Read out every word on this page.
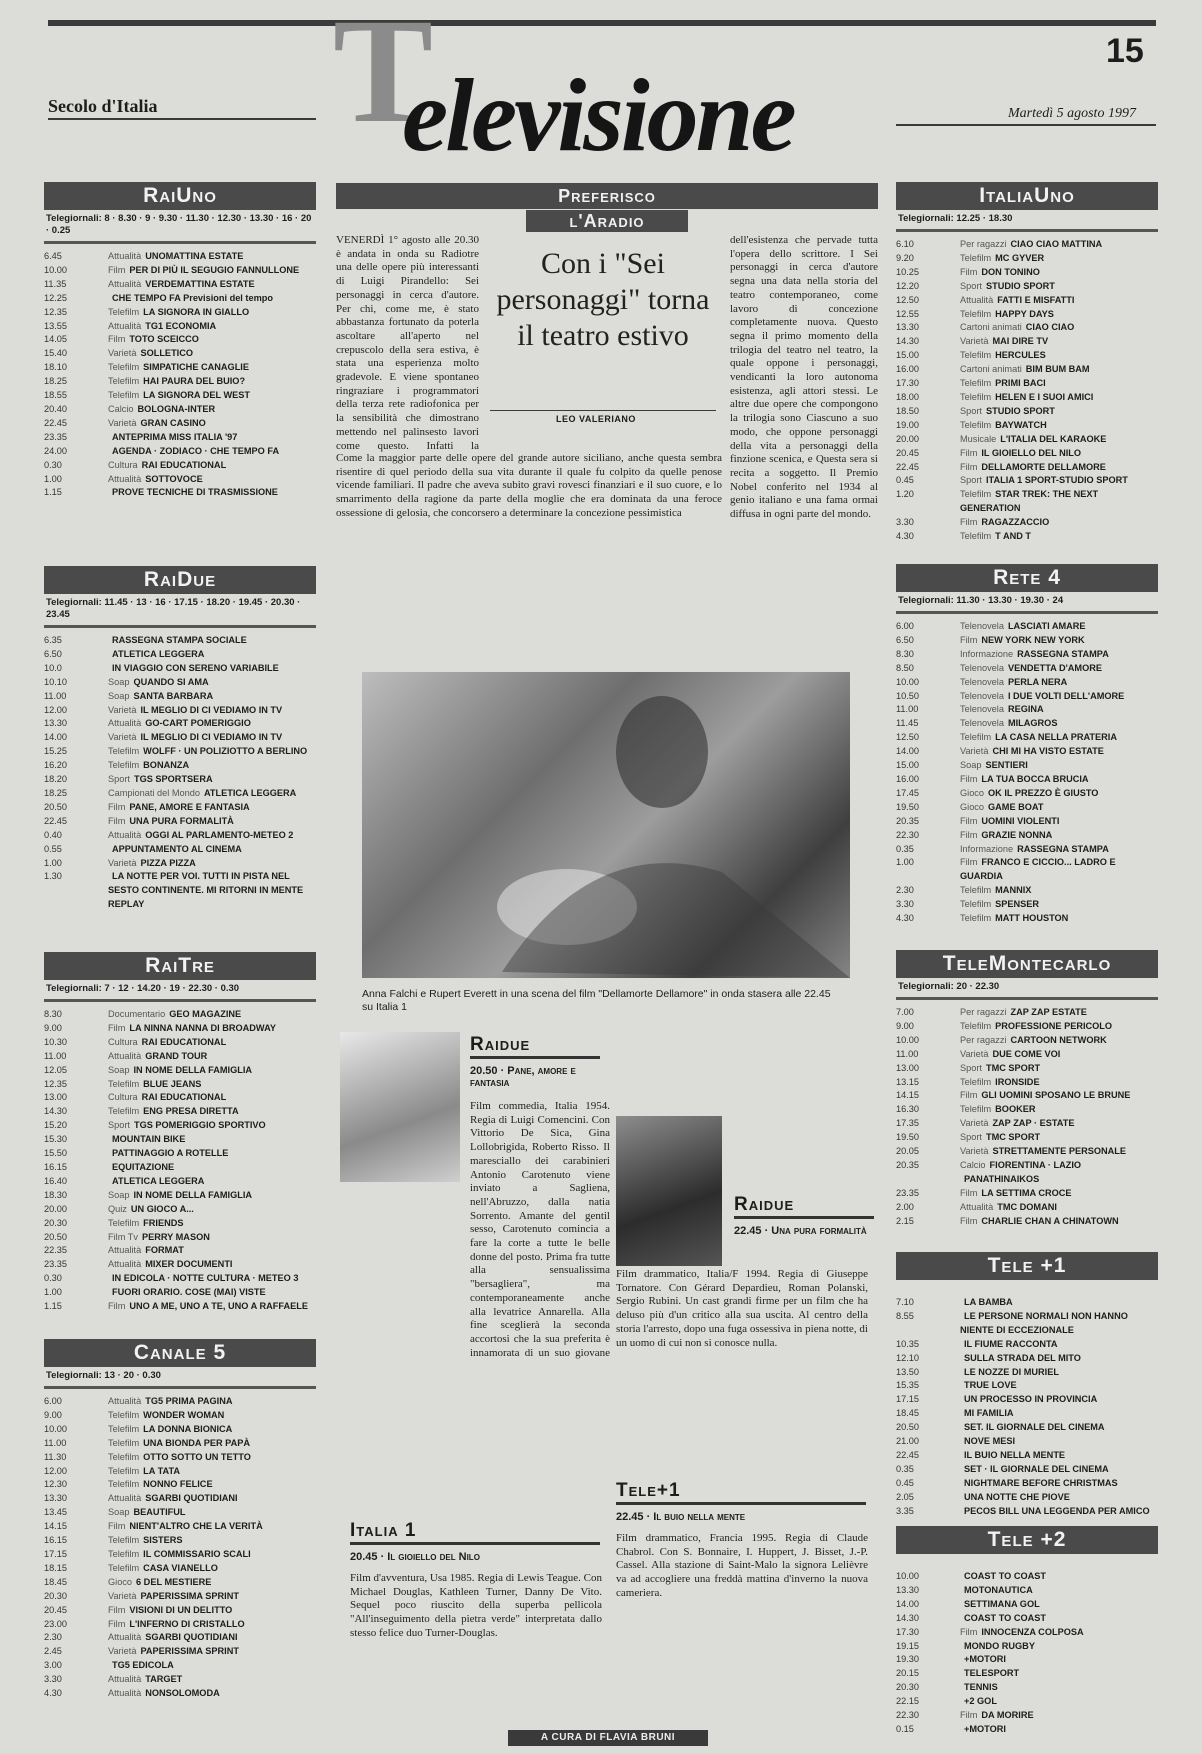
Secolo d'Italia T
elevisione
15
Martedì 5 agosto 1997
RaiUno
Telegiornali: 8 · 8.30 · 9 · 9.30 · 11.30 · 12.30 · 13.30 · 16 · 20 · 0.25
6.45	Attualità UNOMATTINA ESTATE
10.00	Film PER DI PIÙ IL SEGUGIO FANNULLONE
11.35	Attualità VERDEMATTINA ESTATE
12.25	CHE TEMPO FA Previsioni del tempo
12.35	Telefilm LA SIGNORA IN GIALLO
13.55	Attualità TG1 ECONOMIA
14.05	Film TOTO SCEICCO
15.40	Varietà SOLLETICO
18.10	Telefilm SIMPATICHE CANAGLIE
18.25	Telefilm HAI PAURA DEL BUIO?
18.55	Telefilm LA SIGNORA DEL WEST
20.40	Calcio BOLOGNA-INTER
22.45	Varietà GRAN CASINO
23.35	ANTEPRIMA MISS ITALIA '97
24.00	AGENDA · ZODIACO · CHE TEMPO FA
0.30	Cultura RAI EDUCATIONAL
1.00	Attualità SOTTOVOCE
1.15	PROVE TECNICHE DI TRASMISSIONE
RaiDue
Telegiornali: 11.45 · 13 · 16 · 17.15 · 18.20 · 19.45 · 20.30 · 23.45
6.35	RASSEGNA STAMPA SOCIALE
6.50	ATLETICA LEGGERA
10.0	IN VIAGGIO CON SERENO VARIABILE
10.10	Soap QUANDO SI AMA
11.00	Soap SANTA BARBARA
12.00	Varietà IL MEGLIO DI CI VEDIAMO IN TV
13.30	Attualità GO-CART POMERIGGIO
14.00	Varietà IL MEGLIO DI CI VEDIAMO IN TV
15.25	Telefilm WOLFF · UN POLIZIOTTO A BERLINO
16.20	Telefilm BONANZA
18.20	Sport TGS SPORTSERA
18.25	Campionati del Mondo ATLETICA LEGGERA
20.50	Film PANE, AMORE E FANTASIA
22.45	Film UNA PURA FORMALITÀ
0.40	Attualità OGGI AL PARLAMENTO-METEO 2
0.55	APPUNTAMENTO AL CINEMA
1.00	Varietà PIZZA PIZZA
1.30	LA NOTTE PER VOI. TUTTI IN PISTA NEL SESTO CONTINENTE. MI RITORNI IN MENTE REPLAY
RaiTre
Telegiornali: 7 · 12 · 14.20 · 19 · 22.30 · 0.30
8.30	Documentario GEO MAGAZINE
9.00	Film LA NINNA NANNA DI BROADWAY
10.30	Cultura RAI EDUCATIONAL
11.00	Attualità GRAND TOUR
12.05	Soap IN NOME DELLA FAMIGLIA
12.35	Telefilm BLUE JEANS
13.00	Cultura RAI EDUCATIONAL
14.30	Telefilm ENG PRESA DIRETTA
15.20	Sport TGS POMERIGGIO SPORTIVO
15.30	MOUNTAIN BIKE
15.50	PATTINAGGIO A ROTELLE
16.15	EQUITAZIONE
16.40	ATLETICA LEGGERA
18.30	Soap IN NOME DELLA FAMIGLIA
20.00	Quiz UN GIOCO A...
20.30	Telefilm FRIENDS
20.50	Film Tv PERRY MASON
22.35	Attualità FORMAT
23.35	Attualità MIXER DOCUMENTI
0.30	IN EDICOLA · NOTTE CULTURA · METEO 3
1.00	FUORI ORARIO. COSE (MAI) VISTE
1.15	Film UNO A ME, UNO A TE, UNO A RAFFAELE
Canale 5
Telegiornali: 13 · 20 · 0.30
6.00	Attualità TG5 PRIMA PAGINA
9.00	Telefilm WONDER WOMAN
10.00	Telefilm LA DONNA BIONICA
11.00	Telefilm UNA BIONDA PER PAPÀ
11.30	Telefilm OTTO SOTTO UN TETTO
12.00	Telefilm LA TATA
12.30	Telefilm NONNO FELICE
13.30	Attualità SGARBI QUOTIDIANI
13.45	Soap BEAUTIFUL
14.15	Film NIENT'ALTRO CHE LA VERITÀ
16.15	Telefilm SISTERS
17.15	Telefilm IL COMMISSARIO SCALI
18.15	Telefilm CASA VIANELLO
18.45	Gioco 6 DEL MESTIERE
20.30	Varietà PAPERISSIMA SPRINT
20.45	Film VISIONI DI UN DELITTO
23.00	Film L'INFERNO DI CRISTALLO
2.30	Attualità SGARBI QUOTIDIANI
2.45	Varietà PAPERISSIMA SPRINT
3.00	TG5 EDICOLA
3.30	Attualità TARGET
4.30	Attualità NONSOLOMODA
ItaliaUno
Telegiornali: 12.25 · 18.30
6.10	Per ragazzi CIAO CIAO MATTINA
9.20	Telefilm MC GYVER
10.25	Film DON TONINO
12.20	Sport STUDIO SPORT
12.50	Attualità FATTI E MISFATTI
12.55	Telefilm HAPPY DAYS
13.30	Cartoni animati CIAO CIAO
14.30	Varietà MAI DIRE TV
15.00	Telefilm HERCULES
16.00	Cartoni animati BIM BUM BAM
17.30	Telefilm PRIMI BACI
18.00	Telefilm HELEN E I SUOI AMICI
18.50	Sport STUDIO SPORT
19.00	Telefilm BAYWATCH
20.00	Musicale L'ITALIA DEL KARAOKE
20.45	Film IL GIOIELLO DEL NILO
22.45	Film DELLAMORTE DELLAMORE
0.45	Sport ITALIA 1 SPORT-STUDIO SPORT
1.20	Telefilm STAR TREK: THE NEXT GENERATION
3.30	Film RAGAZZACCIO
4.30	Telefilm T AND T
Rete 4
Telegiornali: 11.30 · 13.30 · 19.30 · 24
6.00	Telenovela LASCIATI AMARE
6.50	Film NEW YORK NEW YORK
8.30	Informazione RASSEGNA STAMPA
8.50	Telenovela VENDETTA D'AMORE
10.00	Telenovela PERLA NERA
10.50	Telenovela I DUE VOLTI DELL'AMORE
11.00	Telenovela REGINA
11.45	Telenovela MILAGROS
12.50	Telefilm LA CASA NELLA PRATERIA
14.00	Varietà CHI MI HA VISTO ESTATE
15.00	Soap SENTIERI
16.00	Film LA TUA BOCCA BRUCIA
17.45	Gioco OK IL PREZZO È GIUSTO
19.50	Gioco GAME BOAT
20.35	Film UOMINI VIOLENTI
22.30	Film GRAZIE NONNA
0.35	Informazione RASSEGNA STAMPA
1.00	Film FRANCO E CICCIO... LADRO E GUARDIA
2.30	Telefilm MANNIX
3.30	Telefilm SPENSER
4.30	Telefilm MATT HOUSTON
TeleMontecarlo
Telegiornali: 20 · 22.30
7.00	Per ragazzi ZAP ZAP ESTATE
9.00	Telefilm PROFESSIONE PERICOLO
10.00	Per ragazzi CARTOON NETWORK
11.00	Varietà DUE COME VOI
13.00	Sport TMC SPORT
13.15	Telefilm IRONSIDE
14.15	Film GLI UOMINI SPOSANO LE BRUNE
16.30	Telefilm BOOKER
17.35	Varietà ZAP ZAP · ESTATE
19.50	Sport TMC SPORT
20.05	Varietà STRETTAMENTE PERSONALE
20.35	Calcio FIORENTINA · LAZIO
PANATHINAIKOS
23.35	Film LA SETTIMA CROCE
2.00	Attualità TMC DOMANI
2.15	Film CHARLIE CHAN A CHINATOWN
Tele +1
7.10	LA BAMBA
8.55	LE PERSONE NORMALI NON HANNO NIENTE DI ECCEZIONALE
10.35	IL FIUME RACCONTA
12.10	SULLA STRADA DEL MITO
13.50	LE NOZZE DI MURIEL
15.35	TRUE LOVE
17.15	UN PROCESSO IN PROVINCIA
18.45	MI FAMILIA
20.50	SET. IL GIORNALE DEL CINEMA
21.00	NOVE MESI
22.45	IL BUIO NELLA MENTE
0.35	SET · IL GIORNALE DEL CINEMA
0.45	NIGHTMARE BEFORE CHRISTMAS
2.05	UNA NOTTE CHE PIOVE
3.35	PECOS BILL UNA LEGGENDA PER AMICO
Tele +2
10.00	COAST TO COAST
13.30	MOTONAUTICA
14.00	SETTIMANA GOL
14.30	COAST TO COAST
17.30	Film INNOCENZA COLPOSA
19.15	MONDO RUGBY
19.30	+MOTORI
20.15	TELESPORT
20.30	TENNIS
22.15	+2 GOL
22.30	Film DA MORIRE
0.15	+MOTORI
Preferisco
l'Aradio
VENERDÌ 1° agosto alle 20.30 è andata in onda su Radiotre una delle opere più interessanti di Luigi Pirandello: Sei personaggi in cerca d'autore. Per chi, come me, è stato abbastanza fortunato da poterla ascoltare all'aperto nel crepuscolo della sera estiva, è stata una esperienza molto gradevole. E viene spontaneo ringraziare i programmatori della terza rete radiofonica per la sensibilità che dimostrano mettendo nel palinsesto lavori come questo. Infatti la
Con i "Sei personaggi" torna il teatro estivo
LEO VALERIANO
dell'esistenza che pervade tutta l'opera dello scrittore. I Sei personaggi in cerca d'autore segna una data nella storia del teatro contemporaneo, come lavoro di concezione completamente nuova. Questo segna il primo momento della trilogia del teatro nel teatro, la quale oppone i personaggi, vendicanti la loro autonoma esistenza, agli attori stessi. Le altre due opere che compongono la trilogia sono Ciascuno a suo modo, che oppone personaggi della vita a personaggi della finzione scenica, e Questa sera si recita a soggetto. Il Premio Nobel conferito nel 1934 al genio italiano e una fama ormai diffusa in ogni parte del mondo.
Come la maggior parte delle opere del grande autore siciliano, anche questa sembra risentire di quel periodo della sua vita durante il quale fu colpito da quelle penose vicende familiari. Il padre che aveva subito gravi rovesci finanziari e il suo cuore, e lo smarrimento della ragione da parte della moglie che era dominata da una feroce ossessione di gelosia, che concorsero a determinare la concezione pessimistica
Anna Falchi e Rupert Everett in una scena del film "Dellamorte Dellamore" in onda stasera alle 22.45 su Italia 1
Raidue
20.50 · Pane, amore e fantasia
Film commedia, Italia 1954. Regia di Luigi Comencini. Con Vittorio De Sica, Gina Lollobrigida, Roberto Risso. Il maresciallo dei carabinieri Antonio Carotenuto viene inviato a Sagliena, nell'Abruzzo, dalla natia Sorrento. Amante del gentil sesso, Carotenuto comincia a fare la corte a tutte le belle donne del posto. Prima fra tutte alla sensualissima "bersagliera", ma contemporaneamente anche alla levatrice Annarella. Alla fine sceglierà la seconda accortosi che la sua preferita è innamorata di un suo giovane
Raidue
22.45 · Una pura formalità
Film drammatico, Italia/F 1994. Regia di Giuseppe Tornatore. Con Gérard Depardieu, Roman Polanski, Sergio Rubini. Un cast grandi firme per un film che ha deluso più d'un critico alla sua uscita. Al centro della storia l'arresto, dopo una fuga ossessiva in piena notte, di un uomo di cui non si conosce nulla.
Italia 1
20.45 · Il gioiello del Nilo
Film d'avventura, Usa 1985. Regia di Lewis Teague. Con Michael Douglas, Kathleen Turner, Danny De Vito. Sequel poco riuscito della superba pellicola "All'inseguimento della pietra verde" interpretata dallo stesso felice duo Turner-Douglas.
Tele+1
22.45 · Il buio nella mente
Film drammatico, Francia 1995. Regia di Claude Chabrol. Con S. Bonnaire, I. Huppert, J. Bisset, J.-P. Cassel. Alla stazione di Saint-Malo la signora Lelièvre va ad accogliere una freddà mattina d'inverno la nuova cameriera.
A CURA DI FLAVIA BRUNI
